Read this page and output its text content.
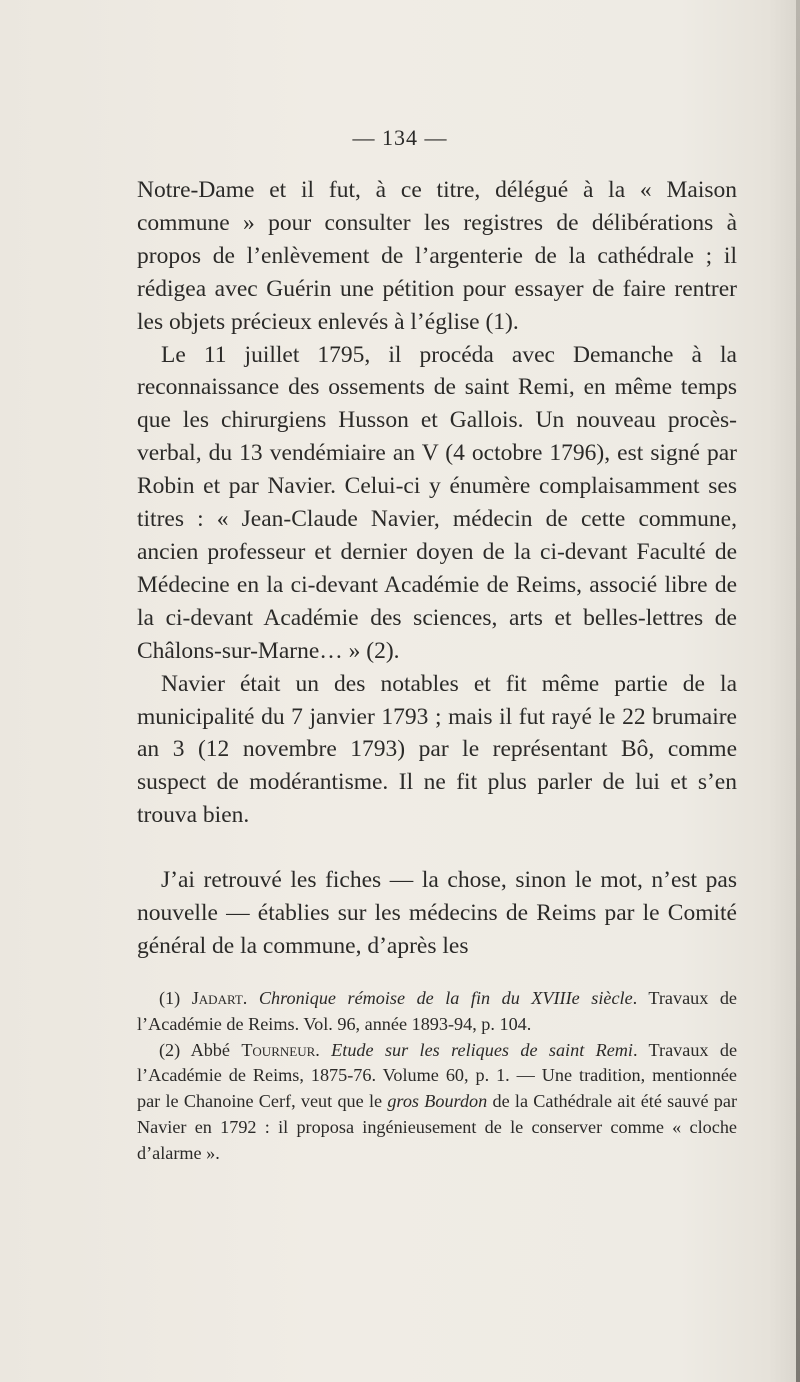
— 134 —

Notre-Dame et il fut, à ce titre, délégué à la « Maison commune » pour consulter les registres de délibérations à propos de l’enlèvement de l’argenterie de la cathédrale ; il rédigea avec Guérin une pétition pour essayer de faire rentrer les objets précieux enlevés à l’église (1).

Le 11 juillet 1795, il procéda avec Demanche à la reconnaissance des ossements de saint Remi, en même temps que les chirurgiens Husson et Gallois. Un nouveau procès-verbal, du 13 vendémiaire an V (4 octobre 1796), est signé par Robin et par Navier. Celui-ci y énumère complaisamment ses titres : « Jean-Claude Navier, médecin de cette commune, ancien professeur et dernier doyen de la ci-devant Faculté de Médecine en la ci-devant Académie de Reims, associé libre de la ci-devant Académie des sciences, arts et belles-lettres de Châlons-sur-Marne… » (2).

Navier était un des notables et fit même partie de la municipalité du 7 janvier 1793 ; mais il fut rayé le 22 brumaire an 3 (12 novembre 1793) par le représentant Bô, comme suspect de modérantisme. Il ne fit plus parler de lui et s’en trouva bien.

J’ai retrouvé les fiches — la chose, sinon le mot, n’est pas nouvelle — établies sur les médecins de Reims par le Comité général de la commune, d’après les

(1) Jadart. Chronique rémoise de la fin du XVIIIe siècle. Travaux de l’Académie de Reims. Vol. 96, année 1893-94, p. 104.

(2) Abbé Tourneur. Etude sur les reliques de saint Remi. Travaux de l’Académie de Reims, 1875-76. Volume 60, p. 1. — Une tradition, mentionnée par le Chanoine Cerf, veut que le gros Bourdon de la Cathédrale ait été sauvé par Navier en 1792 : il proposa ingénieusement de le conserver comme « cloche d’alarme ».
